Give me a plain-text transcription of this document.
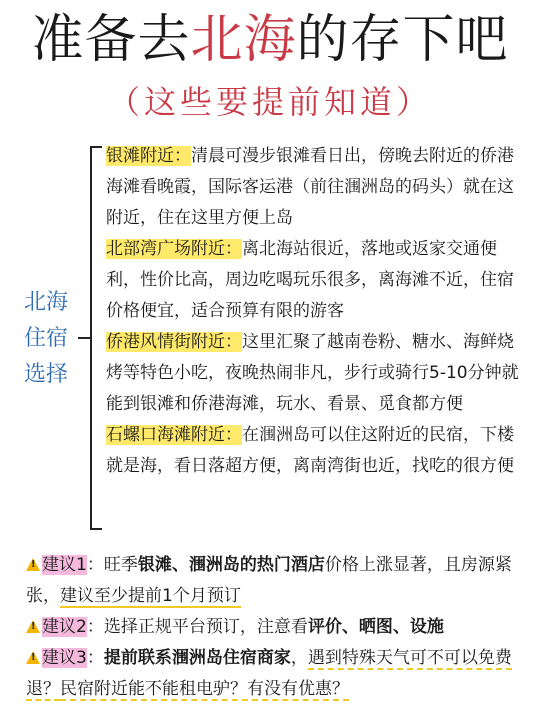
准备去北海的存下吧
（这些要提前知道）
北海
住宿
选择

银滩附近：清晨可漫步银滩看日出，傍晚去附近的侨港海滩看晚霞，国际客运港（前往涠洲岛的码头）就在这附近，住在这里方便上岛

北部湾广场附近：离北海站很近，落地或返家交通便利，性价比高，周边吃喝玩乐很多，离海滩不近，住宿价格便宜，适合预算有限的游客

侨港风情街附近：这里汇聚了越南卷粉、糖水、海鲜烧烤等特色小吃，夜晚热闹非凡，步行或骑行5-10分钟就能到银滩和侨港海滩，玩水、看景、觅食都方便

石螺口海滩附近：在涠洲岛可以住这附近的民宿，下楼就是海，看日落超方便，离南湾街也近，找吃的很方便

!建议1：旺季银滩、涠洲岛的热门酒店价格上涨显著，且房源紧张，建议至少提前1个月预订

!建议2：选择正规平台预订，注意看评价、晒图、设施

!建议3：提前联系涠洲岛住宿商家，遇到特殊天气可不可以免费退？民宿附近能不能租电驴？有没有优惠？
